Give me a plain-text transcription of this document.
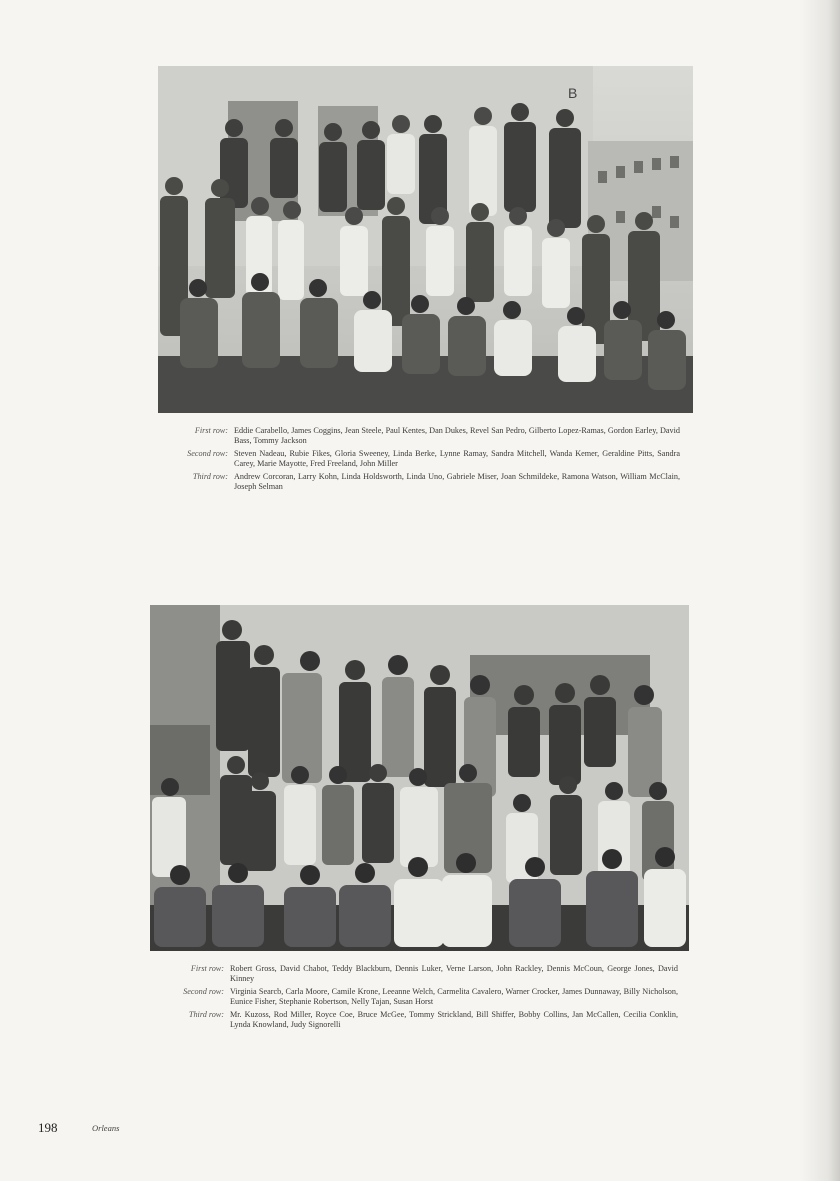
B
First row: Eddie Carabello, James Coggins, Jean Steele, Paul Kentes, Dan Dukes, Revel San Pedro, Gilberto Lopez-Ramas, Gordon Earley, David Bass, Tommy Jackson
Second row: Steven Nadeau, Rubie Fikes, Gloria Sweeney, Linda Berke, Lynne Ramay, Sandra Mitchell, Wanda Kemer, Geraldine Pitts, Sandra Carey, Marie Mayotte, Fred Freeland, John Miller
Third row: Andrew Corcoran, Larry Kohn, Linda Holdsworth, Linda Uno, Gabriele Miser, Joan Schmildeke, Ramona Watson, William McClain, Joseph Selman
First row: Robert Gross, David Chabot, Teddy Blackburn, Dennis Luker, Verne Larson, John Rackley, Dennis McCoun, George Jones, David Kinney
Second row: Virginia Searcb, Carla Moore, Camile Krone, Leeanne Welch, Carmelita Cavalero, Warner Crocker, James Dunnaway, Billy Nicholson, Eunice Fisher, Stephanie Robertson, Nelly Tajan, Susan Horst
Third row: Mr. Kuzoss, Rod Miller, Royce Coe, Bruce McGee, Tommy Strickland, Bill Shiffer, Bobby Collins, Jan McCallen, Cecilia Conklin, Lynda Knowland, Judy Signorelli
198	Orleans
